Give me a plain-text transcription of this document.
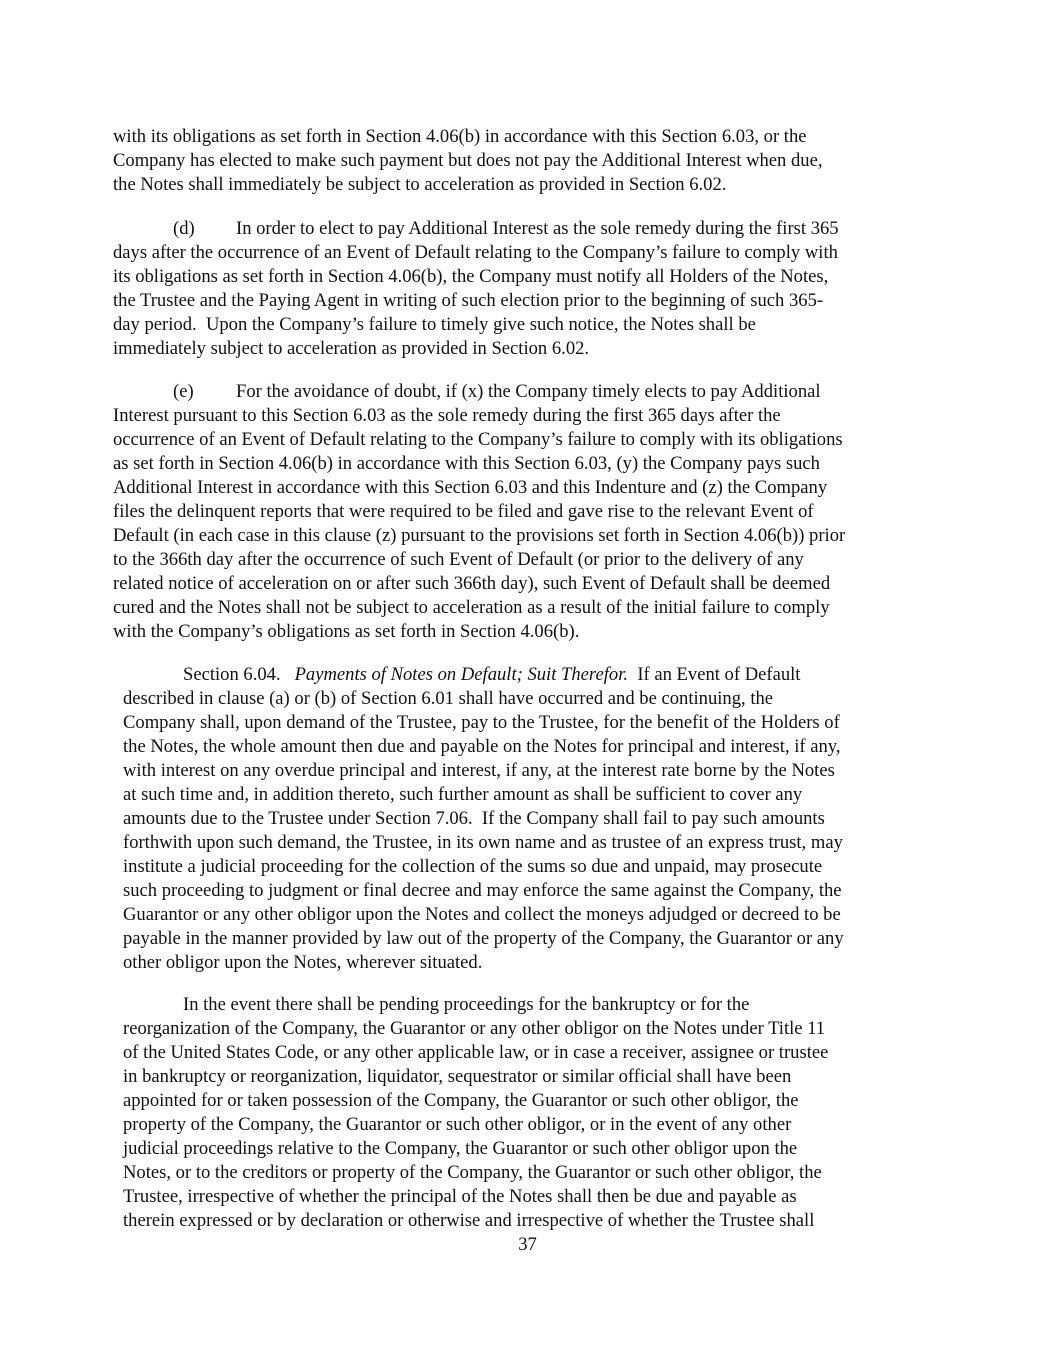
with its obligations as set forth in Section 4.06(b) in accordance with this Section 6.03, or the
Company has elected to make such payment but does not pay the Additional Interest when due,
the Notes shall immediately be subject to acceleration as provided in Section 6.02.
(d) In order to elect to pay Additional Interest as the sole remedy during the first 365
days after the occurrence of an Event of Default relating to the Company’s failure to comply with
its obligations as set forth in Section 4.06(b), the Company must notify all Holders of the Notes,
the Trustee and the Paying Agent in writing of such election prior to the beginning of such 365-
day period.  Upon the Company’s failure to timely give such notice, the Notes shall be
immediately subject to acceleration as provided in Section 6.02.
(e) For the avoidance of doubt, if (x) the Company timely elects to pay Additional
Interest pursuant to this Section 6.03 as the sole remedy during the first 365 days after the
occurrence of an Event of Default relating to the Company’s failure to comply with its obligations
as set forth in Section 4.06(b) in accordance with this Section 6.03, (y) the Company pays such
Additional Interest in accordance with this Section 6.03 and this Indenture and (z) the Company
files the delinquent reports that were required to be filed and gave rise to the relevant Event of
Default (in each case in this clause (z) pursuant to the provisions set forth in Section 4.06(b)) prior
to the 366th day after the occurrence of such Event of Default (or prior to the delivery of any
related notice of acceleration on or after such 366th day), such Event of Default shall be deemed
cured and the Notes shall not be subject to acceleration as a result of the initial failure to comply
with the Company’s obligations as set forth in Section 4.06(b).
Section 6.04. Payments of Notes on Default; Suit Therefor. If an Event of Default
described in clause (a) or (b) of Section 6.01 shall have occurred and be continuing, the
Company shall, upon demand of the Trustee, pay to the Trustee, for the benefit of the Holders of
the Notes, the whole amount then due and payable on the Notes for principal and interest, if any,
with interest on any overdue principal and interest, if any, at the interest rate borne by the Notes
at such time and, in addition thereto, such further amount as shall be sufficient to cover any
amounts due to the Trustee under Section 7.06.  If the Company shall fail to pay such amounts
forthwith upon such demand, the Trustee, in its own name and as trustee of an express trust, may
institute a judicial proceeding for the collection of the sums so due and unpaid, may prosecute
such proceeding to judgment or final decree and may enforce the same against the Company, the
Guarantor or any other obligor upon the Notes and collect the moneys adjudged or decreed to be
payable in the manner provided by law out of the property of the Company, the Guarantor or any
other obligor upon the Notes, wherever situated.
In the event there shall be pending proceedings for the bankruptcy or for the
reorganization of the Company, the Guarantor or any other obligor on the Notes under Title 11
of the United States Code, or any other applicable law, or in case a receiver, assignee or trustee
in bankruptcy or reorganization, liquidator, sequestrator or similar official shall have been
appointed for or taken possession of the Company, the Guarantor or such other obligor, the
property of the Company, the Guarantor or such other obligor, or in the event of any other
judicial proceedings relative to the Company, the Guarantor or such other obligor upon the
Notes, or to the creditors or property of the Company, the Guarantor or such other obligor, the
Trustee, irrespective of whether the principal of the Notes shall then be due and payable as
therein expressed or by declaration or otherwise and irrespective of whether the Trustee shall
37
